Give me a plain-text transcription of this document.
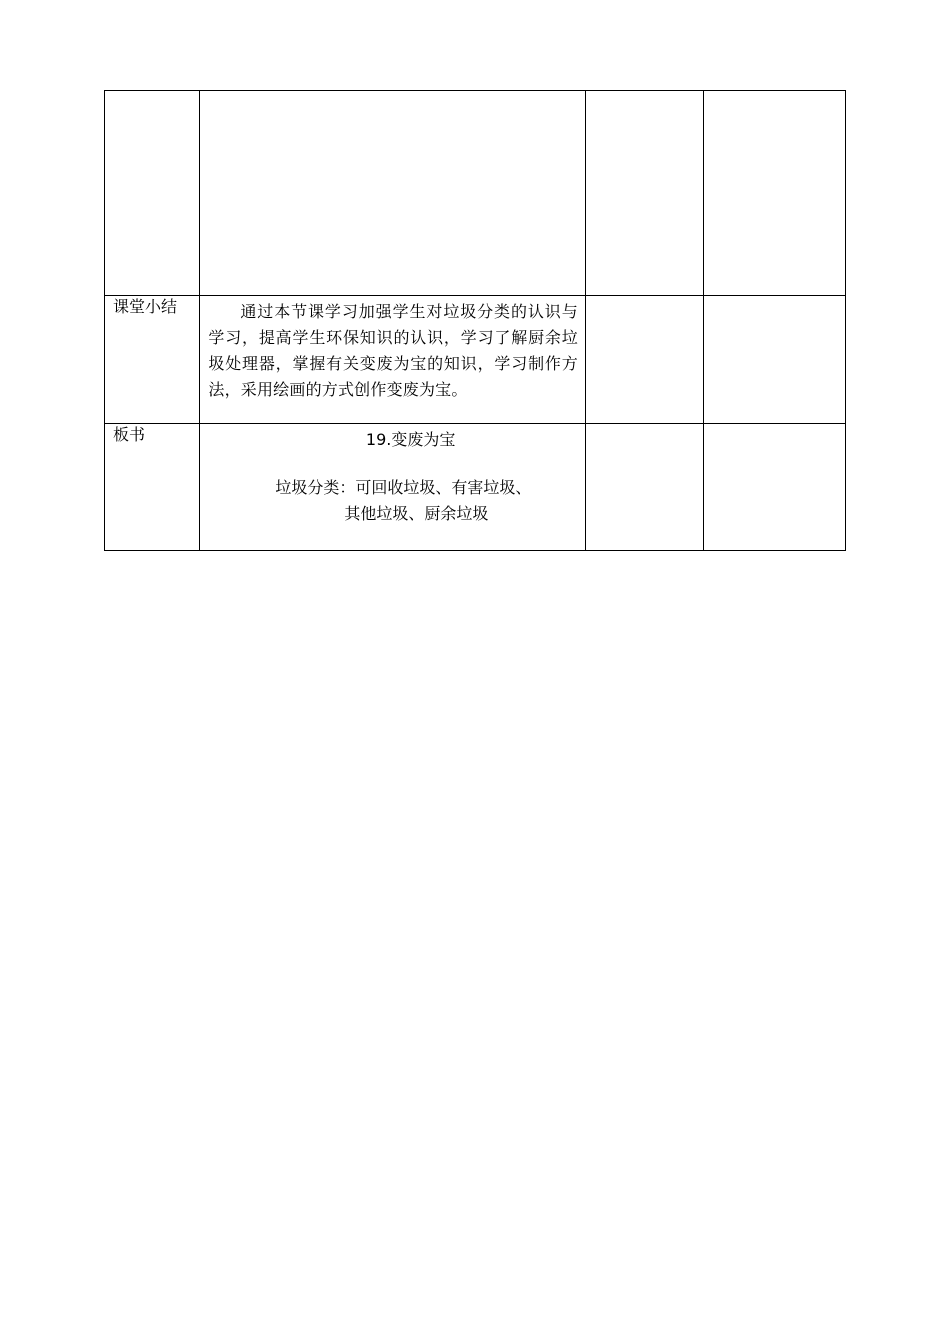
课堂小结	通过本节课学习加强学生对垃圾分类的认识与学习，提高学生环保知识的认识，学习了解厨余垃圾处理器，掌握有关变废为宝的知识，学习制作方法，采用绘画的方式创作变废为宝。		

板书	19.变废为宝
垃圾分类：可回收垃圾、有害垃圾、
其他垃圾、厨余垃圾		
